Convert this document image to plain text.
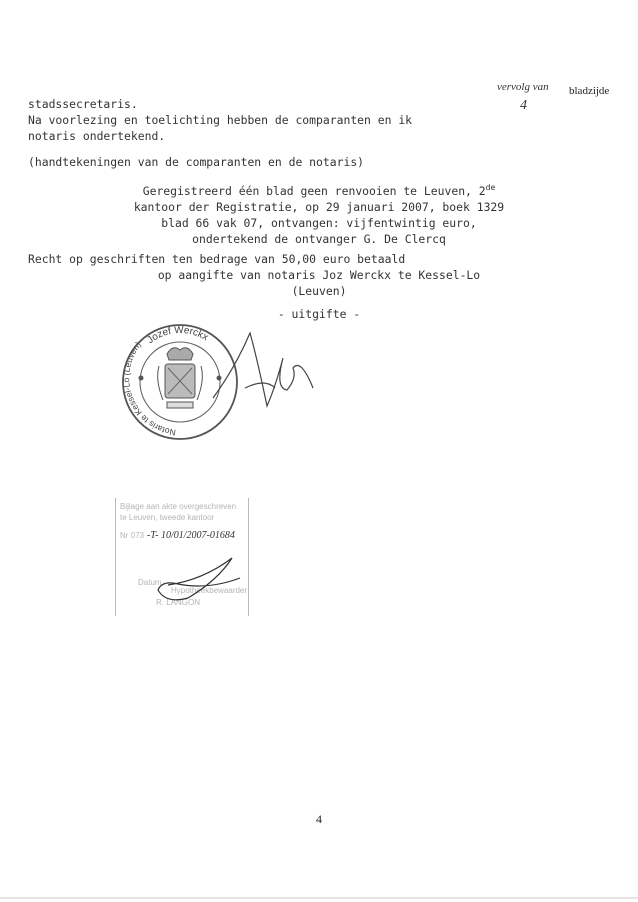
vervolg van bladzijde
4
stadssecretaris.
Na voorlezing en toelichting hebben de comparanten en ik
notaris ondertekend.
(handtekeningen van de comparanten en de notaris)
Geregistreerd één blad geen renvooien te Leuven, 2de
kantoor der Registratie, op 29 januari 2007, boek 1329
blad 66 vak 07, ontvangen: vijfentwintig euro,
ondertekend de ontvanger G. De Clercq
Recht op geschriften ten bedrage van 50,00 euro betaald
op aangifte van notaris Joz Werckx te Kessel-Lo
(Leuven)
- uitgifte -
Jozef Werckx
Notaris te Kessel-Lo (Leuven)
Bijlage aan akte overgeschreven
te Leuven, tweede kantoor
Nr 073 -T- 10/01/2007-01684
Datum
Hypotheekbewaarder
R. LANGON
4
